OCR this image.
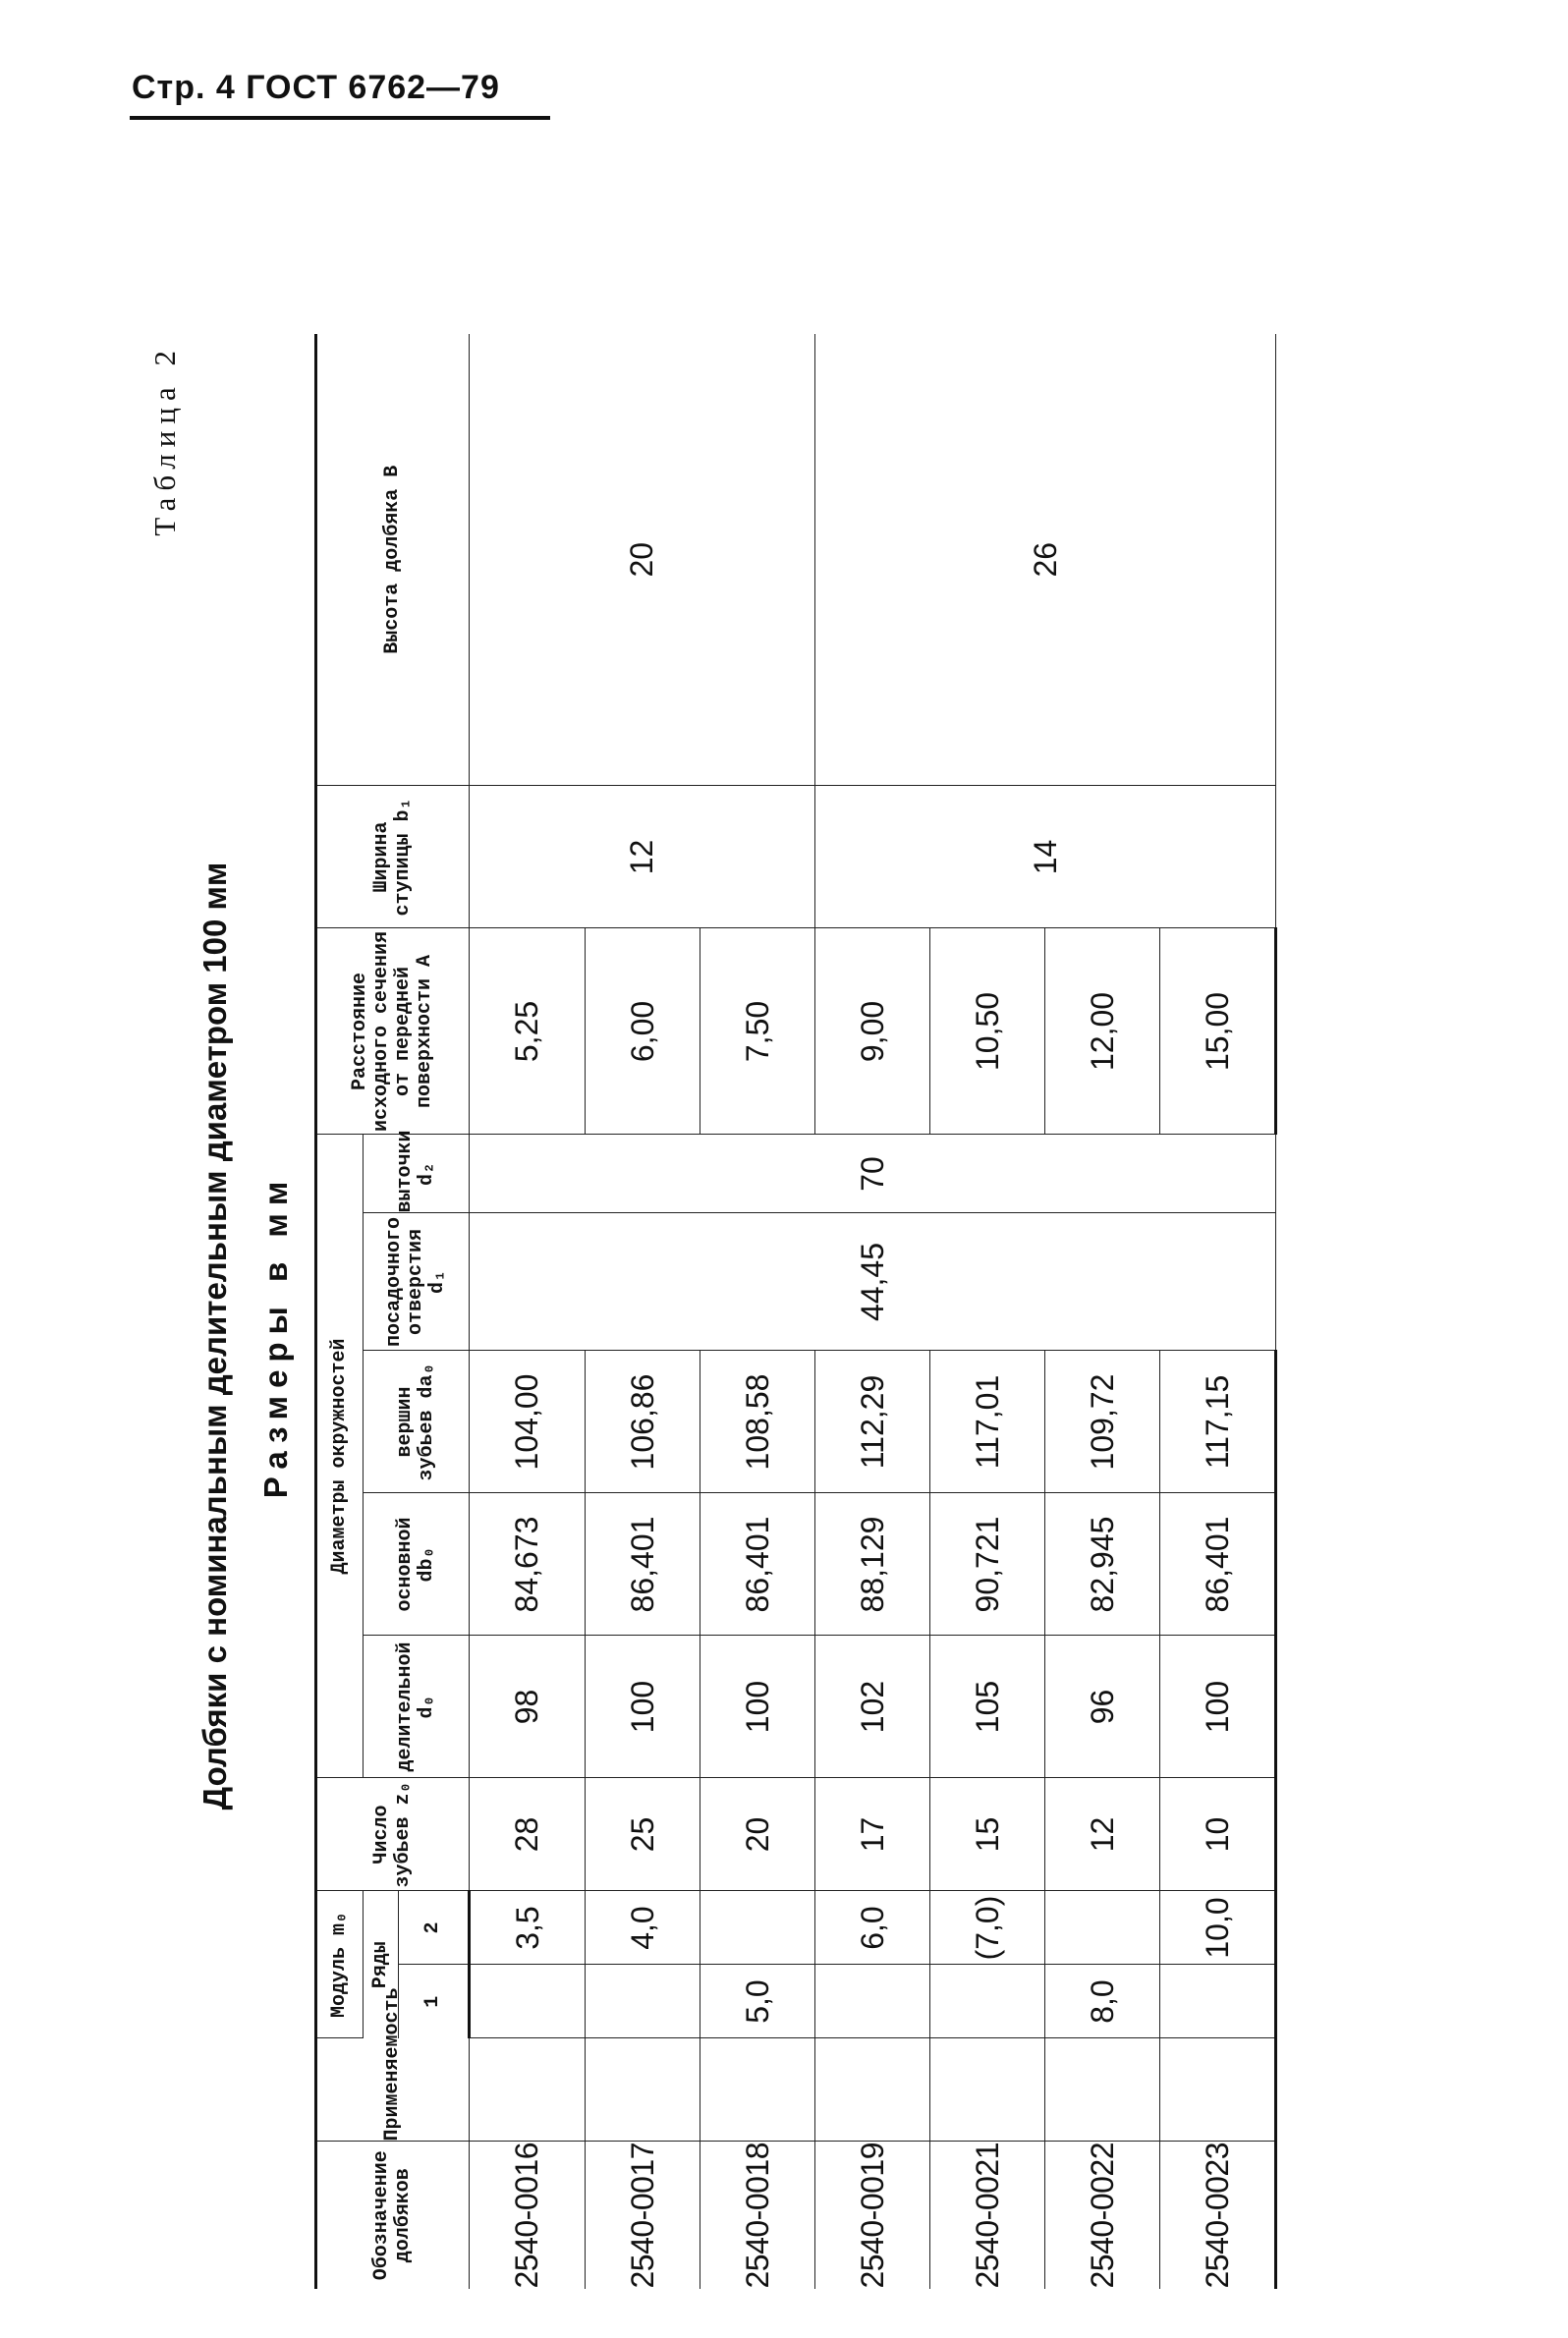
Стр. 4 ГОСТ 6762—79
Таблица 2
Долбяки с номинальным делительным диаметром 100 мм Размеры в мм
Обозначение долбяков	Применяемость	Модуль m₀		Число зубьев z₀	Диаметры окружностей					Расстояние исходного сечения от передней поверхности A	Ширина ступицы b₁	Высота долбяка B
		Ряды			делительной d₀	основной db₀	вершин зубьев da₀	посадочного отверстия d₁	выточки d₂			
		1	2									
2540-0016			3,5	28	98	84,673	104,00	44,45	70	5,25	12	20
2540-0017			4,0	25	100	86,401	106,86			6,00		
2540-0018		5,0		20	100	86,401	108,58			7,50		
2540-0019			6,0	17	102	88,129	112,29			9,00	14	26
2540-0021			(7,0)	15	105	90,721	117,01			10,50		
2540-0022		8,0		12	96	82,945	109,72			12,00		
2540-0023			10,0	10	100	86,401	117,15			15,00		
